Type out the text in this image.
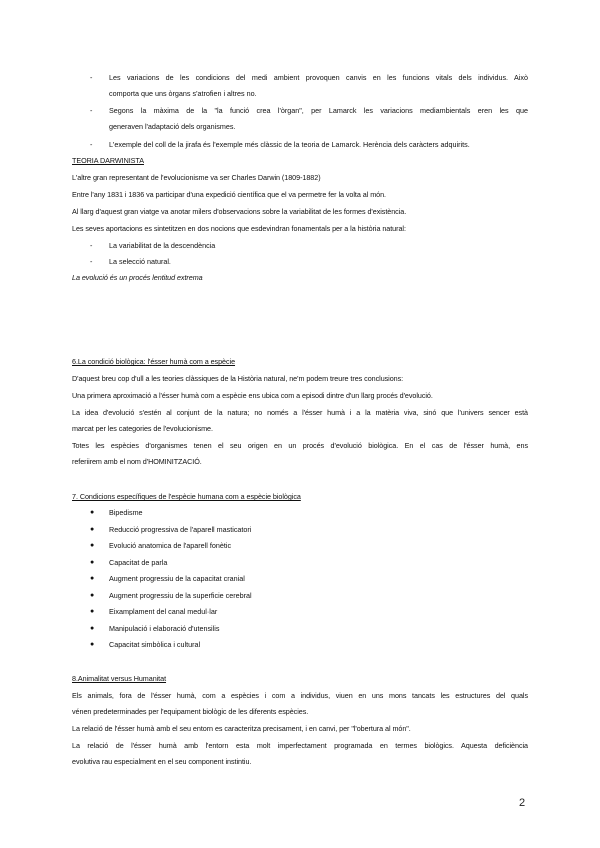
- Les variacions de les condicions del medi ambient provoquen canvis en les funcions vitals dels individus. Això
comporta que uns òrgans s'atrofien i altres no.
- Segons la màxima de la "la funció crea l'òrgan", per Lamarck les variacions mediambientals eren les que
generaven l'adaptació dels organismes.
- L'exemple del coll de la jirafa és l'exemple més clàssic de la teoria de Lamarck. Herència dels caràcters adquirits.
TEORIA DARWINISTA
L'altre gran representant de l'evolucionisme va ser Charles Darwin (1809-1882)
Entre l'any 1831 i 1836 va participar d'una expedició científica que el va permetre fer la volta al món.
Al llarg d'aquest gran viatge va anotar milers d'observacions sobre la variabilitat de les formes d'existència.
Les seves aportacions es sintetitzen en dos nocions que esdevindran fonamentals per a la història natural:
- La variabilitat de la descendència
- La selecció natural.
La evolució és un procés lentitud extrema
6.La condició biològica: l'ésser humà com a espècie
D'aquest breu cop d'ull a les teories clàssiques de la Història natural, ne'm podem treure tres conclusions:
Una primera aproximació a l'ésser humà com a espècie ens ubica com a episodi dintre d'un llarg procés d'evolució.
La idea d'evolució s'estén al conjunt de la natura; no només a l'ésser humà i a la matèria viva, sinó que l'univers sencer està
marcat per les categories de l'evolucionisme.
Totes les espècies d'organismes tenen el seu origen en un procés d'evolució biològica. En el cas de l'ésser humà, ens
referiirem amb el nom d'HOMINITZACIÓ.
7. Condicions específiques de l'espècie humana com a espècie biològica
● Bipedisme
● Reducció progressiva de l'aparell masticatori
● Evolució anatomica de l'aparell fonètic
● Capacitat de parla
● Augment progressiu de la capacitat cranial
● Augment progressiu de la superficie cerebral
● Eixamplament del canal medul·lar
● Manipulació i elaboració d'utensilis
● Capacitat simbòlica i cultural
8.Animalitat versus Humanitat
Els animals, fora de l'ésser humà, com a espècies i com a individus, viuen en uns mons tancats les estructures del quals
vénen predeterminades per l'equipament biològic de les diferents espècies.
La relació de l'ésser humà amb el seu entorn es caracteritza precisament, i en canvi, per "l'obertura al món".
La relació de l'ésser humà amb l'entorn esta molt imperfectament programada en termes biològics. Aquesta deficiència
evolutiva rau especialment en el seu component instintiu.
2
